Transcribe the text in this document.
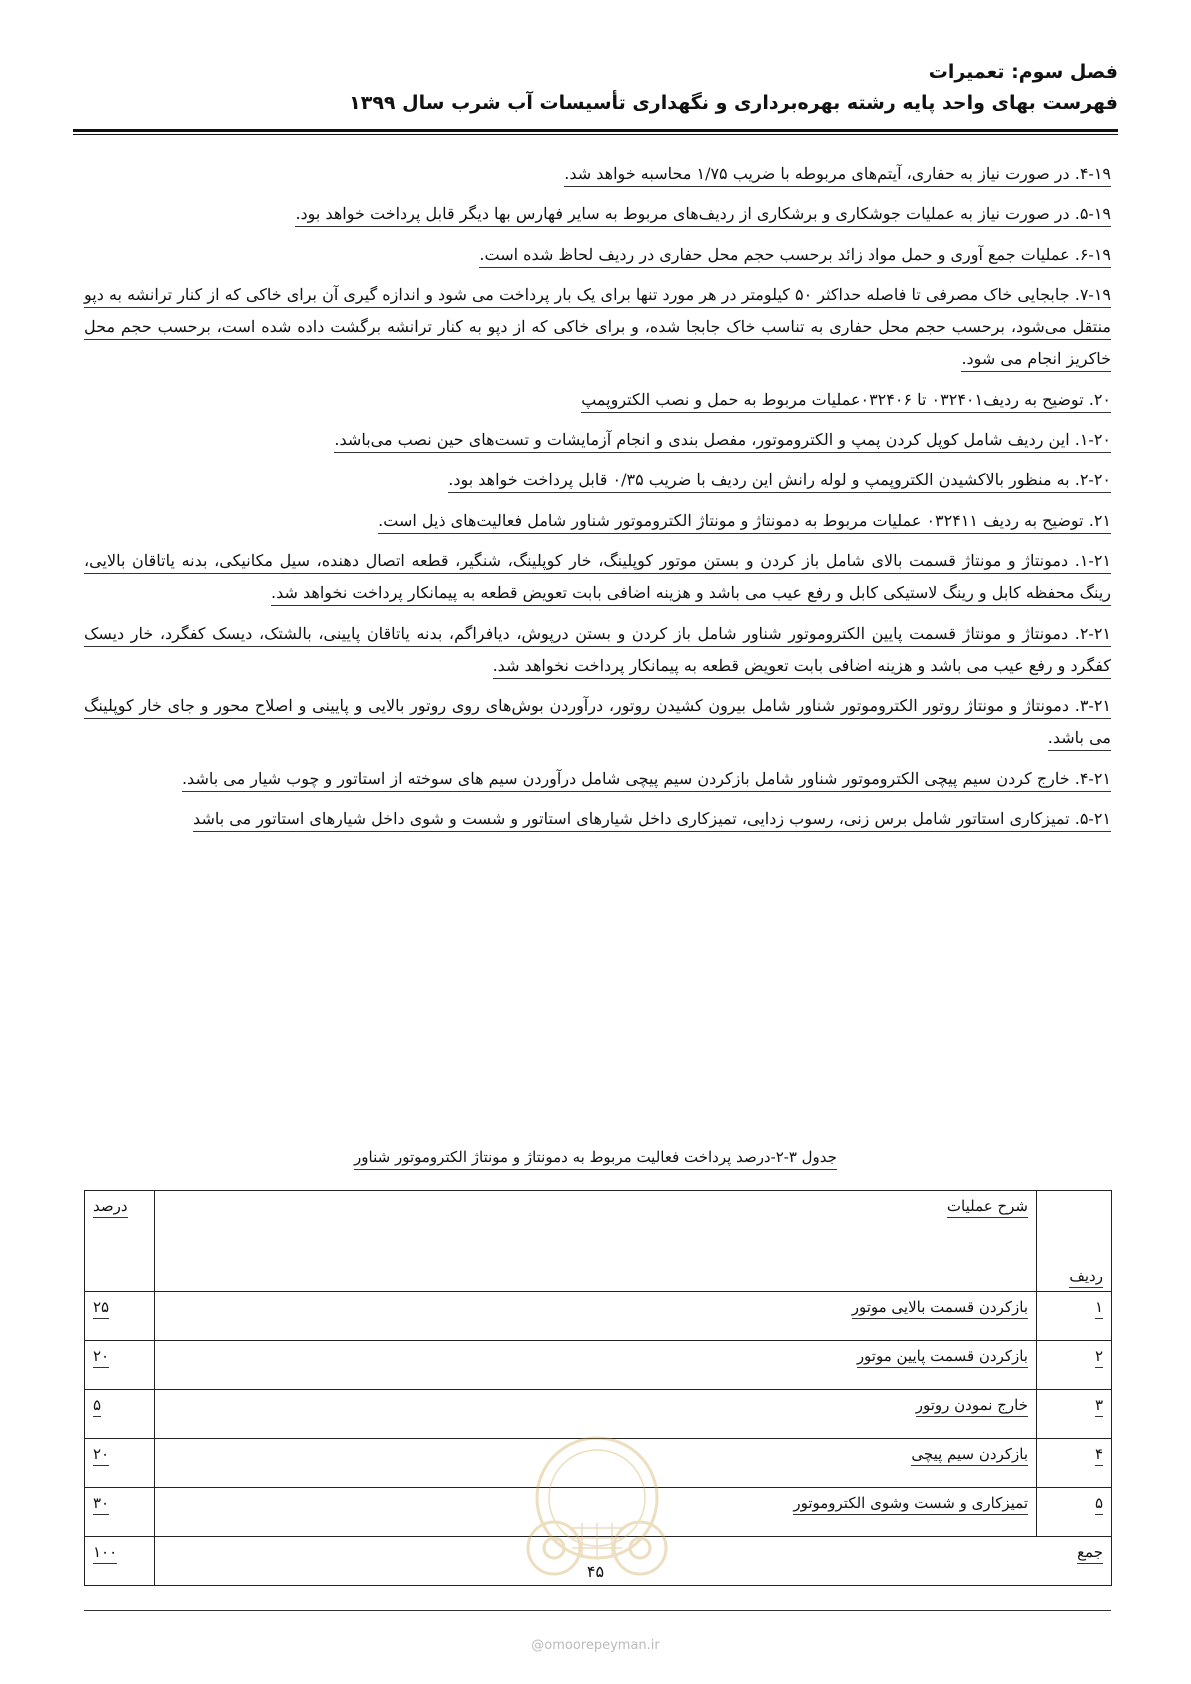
فصل سوم: تعمیرات
فهرست بهای واحد پایه رشته بهره‌برداری و نگهداری تأسیسات آب شرب سال ۱۳۹۹

۴-۱۹. در صورت نیاز به حفاری، آیتم‌های مربوطه با ضریب ۱/۷۵ محاسبه خواهد شد.

۵-۱۹. در صورت نیاز به عملیات جوشکاری و برشکاری از ردیف‌های مربوط به سایر فهارس بها دیگر قابل پرداخت خواهد بود.

۶-۱۹. عملیات جمع آوری و حمل مواد زائد برحسب حجم محل حفاری در ردیف لحاظ شده است.

۷-۱۹. جابجایی خاک مصرفی تا فاصله حداکثر ۵۰ کیلومتر در هر مورد تنها برای یک بار پرداخت می شود و اندازه گیری آن برای خاکی که از کنار ترانشه به دپو منتقل می‌شود، برحسب حجم محل حفاری به تناسب خاک جابجا شده، و برای خاکی که از دپو به کنار ترانشه برگشت داده شده است، برحسب حجم محل خاکریز انجام می شود.

۲۰. توضیح به ردیف۰۳۲۴۰۱ تا ۰۳۲۴۰۶عملیات مربوط به حمل و نصب الکتروپمپ

۱-۲۰. این ردیف شامل کوپل کردن پمپ و الکتروموتور، مفصل بندی و انجام آزمایشات و تست‌های حین نصب می‌باشد.

۲-۲۰. به منظور بالاکشیدن الکتروپمپ و لوله رانش این ردیف با ضریب ۰/۳۵ قابل پرداخت خواهد بود.

۲۱. توضیح به ردیف ۰۳۲۴۱۱ عملیات مربوط به دمونتاژ و مونتاژ الکتروموتور شناور شامل فعالیت‌های ذیل است.

۱-۲۱. دمونتاژ و مونتاژ قسمت بالای شامل باز کردن و بستن موتور کوپلینگ، خار کوپلینگ، شنگیر، قطعه اتصال دهنده، سیل مکانیکی، بدنه یاتاقان بالایی، رینگ محفظه کابل و رینگ لاستیکی کابل و رفع عیب می باشد و هزینه اضافی بابت تعویض قطعه به پیمانکار پرداخت نخواهد شد.

۲-۲۱. دمونتاژ و مونتاژ قسمت پایین الکتروموتور شناور شامل باز کردن و بستن درپوش، دیافراگم، بدنه یاتاقان پایینی، بالشتک، دیسک کفگرد، خار دیسک کفگرد و رفع عیب می باشد و هزینه اضافی بابت تعویض قطعه به پیمانکار پرداخت نخواهد شد.

۳-۲۱. دمونتاژ و مونتاژ روتور الکتروموتور شناور شامل بیرون کشیدن روتور، درآوردن بوش‌های روی روتور بالایی و پایینی و اصلاح محور و جای خار کوپلینگ می باشد.

۴-۲۱. خارج کردن سیم پیچی الکتروموتور شناور شامل بازکردن سیم پیچی شامل درآوردن سیم های سوخته از استاتور و چوب شیار می باشد.

۵-۲۱. تمیزکاری استاتور شامل برس زنی، رسوب زدایی، تمیزکاری داخل شیارهای استاتور و شست و شوی داخل شیارهای استاتور می باشد

جدول ۳-۲-درصد پرداخت فعالیت مربوط به دمونتاژ و مونتاژ الکتروموتور شناور
ردیف	شرح عملیات	درصد
۱	بازکردن قسمت بالایی موتور	۲۵
۲	بازکردن قسمت پایین موتور	۲۰
۳	خارج نمودن روتور	۵
۴	بازکردن سیم پیچی	۲۰
۵	تمیزکاری و شست وشوی الکتروموتور	۳۰
جمع		۱۰۰
۴۵
@omoorepeyman.ir
